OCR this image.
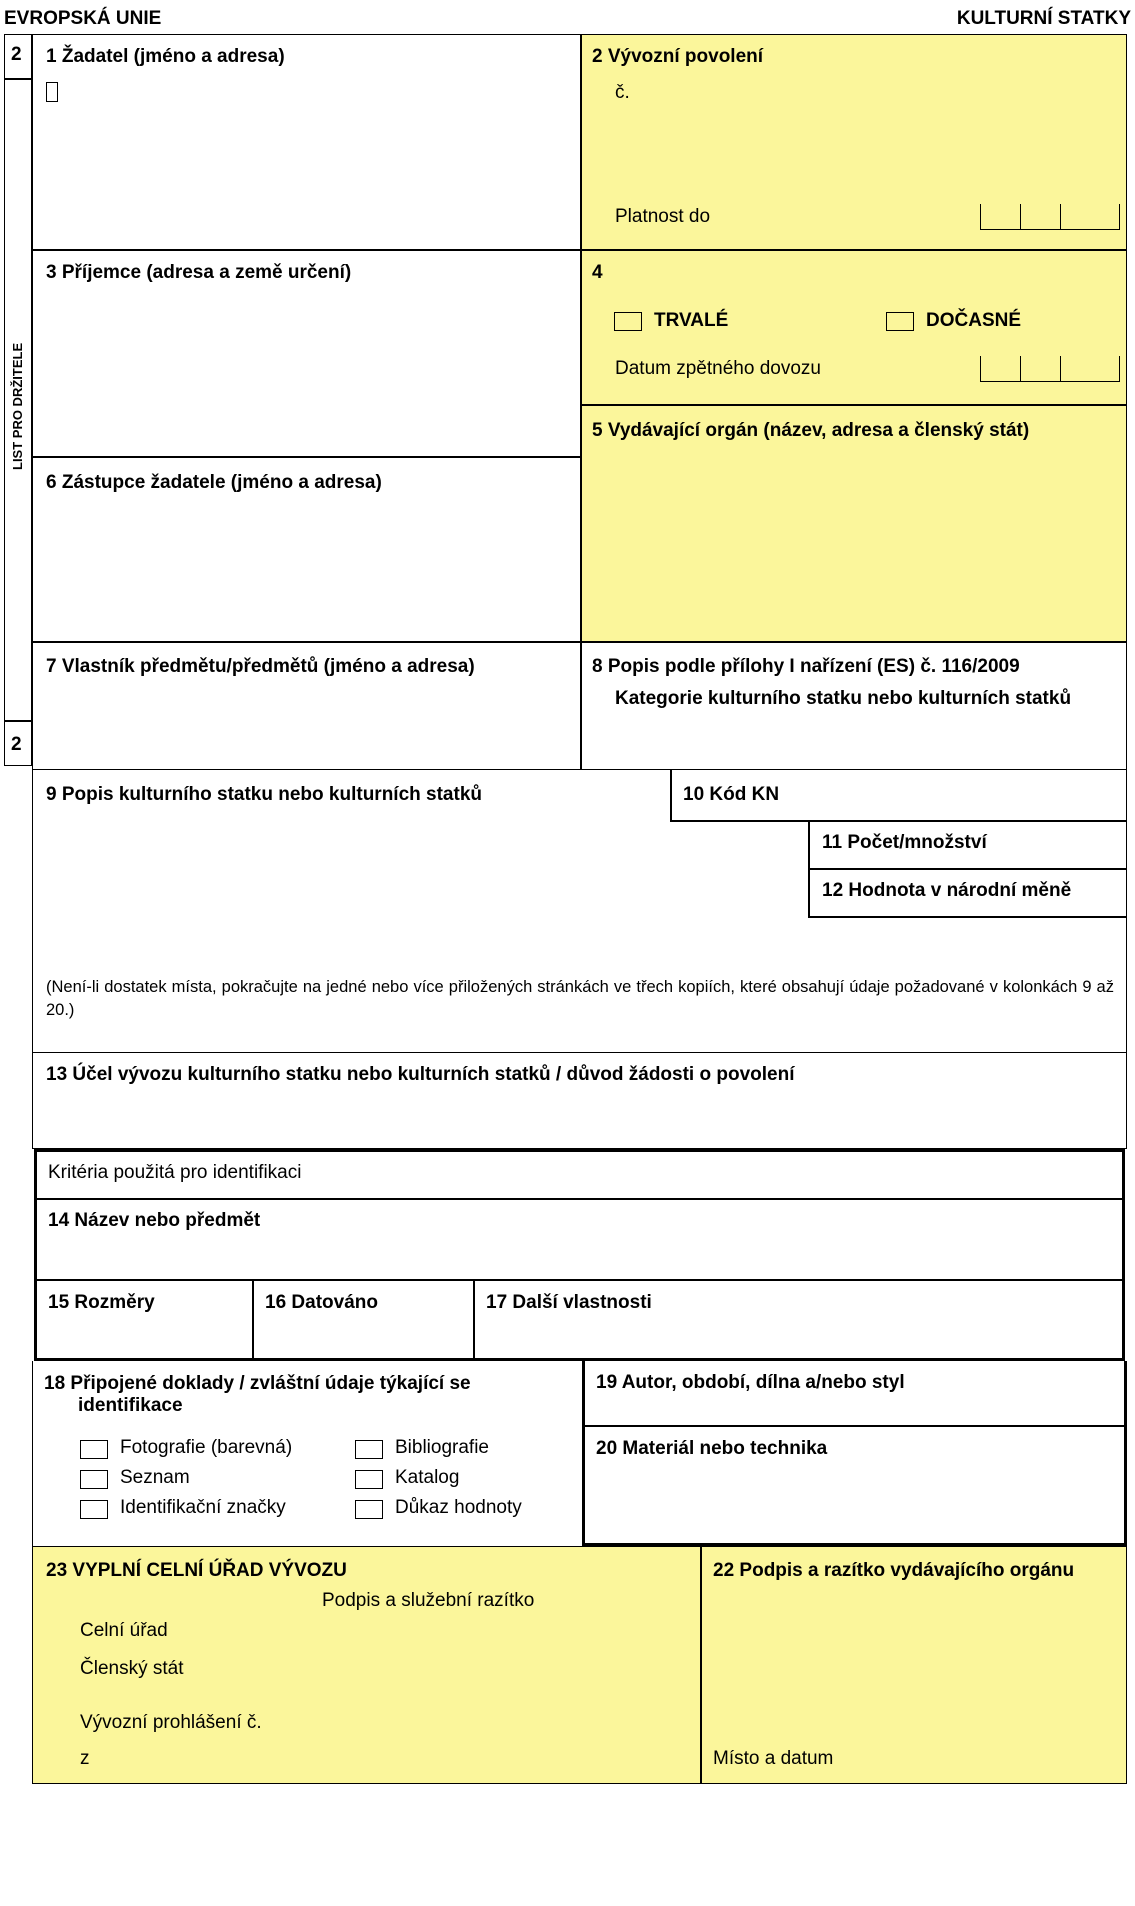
EVROPSKÁ UNIE	KULTURNÍ STATKY
2
2
LIST PRO DRŽITELE
1 Žadatel (jméno a adresa)	2 Vývozní povolení
č.
Platnost do
3 Příjemce (adresa a země určení)	4
TRVALÉ	DOČASNÉ
Datum zpětného dovozu
5 Vydávající orgán (název, adresa a členský stát)
6 Zástupce žadatele (jméno a adresa)
7 Vlastník předmětu/předmětů (jméno a adresa)	8 Popis podle přílohy I nařízení (ES) č. 116/2009
Kategorie kulturního statku nebo kulturních statků
9 Popis kulturního statku nebo kulturních statků	10 Kód KN
11 Počet/množství
12 Hodnota v národní měně
(Není-li dostatek místa, pokračujte na jedné nebo více přiložených stránkách ve třech kopiích, které obsahují údaje požadované v kolonkách 9 až 20.)
13 Účel vývozu kulturního statku nebo kulturních statků / důvod žádosti o povolení
Kritéria použitá pro identifikaci
14 Název nebo předmět
15 Rozměry	16 Datováno	17 Další vlastnosti
18 Připojené doklady / zvláštní údaje týkající se
identifikace
Fotografie (barevná)
Seznam
Identifikační značky
Bibliografie
Katalog
Důkaz hodnoty
19 Autor, období, dílna a/nebo styl
20 Materiál nebo technika
23 VYPLNÍ CELNÍ ÚŘAD VÝVOZU
Podpis a služební razítko
Celní úřad
Členský stát
Vývozní prohlášení č.
z
22 Podpis a razítko vydávajícího orgánu
Místo a datum
